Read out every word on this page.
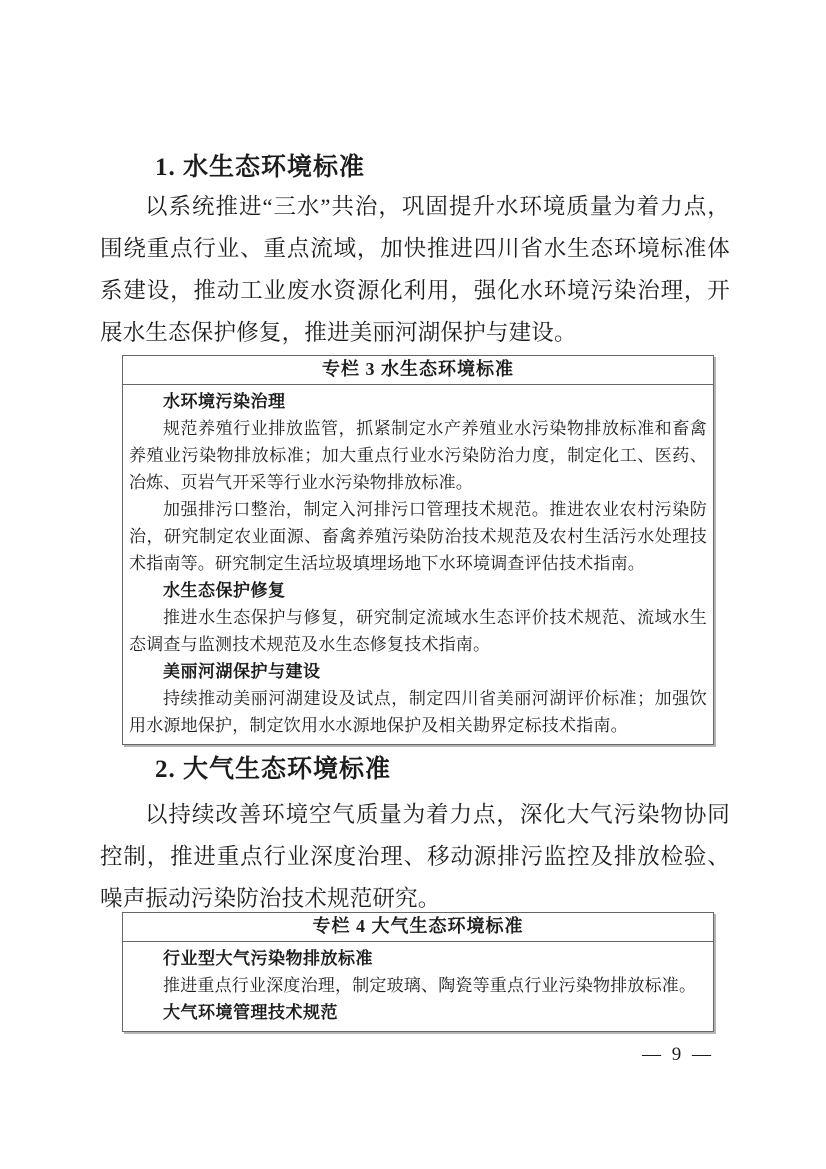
1. 水生态环境标准

以系统推进“三水”共治，巩固提升水环境质量为着力点，围绕重点行业、重点流域，加快推进四川省水生态环境标准体系建设，推动工业废水资源化利用，强化水环境污染治理，开展水生态保护修复，推进美丽河湖保护与建设。

专栏 3 水生态环境标准

水环境污染治理

规范养殖行业排放监管，抓紧制定水产养殖业水污染物排放标准和畜禽养殖业污染物排放标准；加大重点行业水污染防治力度，制定化工、医药、冶炼、页岩气开采等行业水污染物排放标准。

加强排污口整治，制定入河排污口管理技术规范。推进农业农村污染防治，研究制定农业面源、畜禽养殖污染防治技术规范及农村生活污水处理技术指南等。研究制定生活垃圾填埋场地下水环境调查评估技术指南。

水生态保护修复

推进水生态保护与修复，研究制定流域水生态评价技术规范、流域水生态调查与监测技术规范及水生态修复技术指南。

美丽河湖保护与建设

持续推动美丽河湖建设及试点，制定四川省美丽河湖评价标准；加强饮用水源地保护，制定饮用水水源地保护及相关勘界定标技术指南。

2. 大气生态环境标准

以持续改善环境空气质量为着力点，深化大气污染物协同控制，推进重点行业深度治理、移动源排污监控及排放检验、噪声振动污染防治技术规范研究。

专栏 4 大气生态环境标准

行业型大气污染物排放标准

推进重点行业深度治理，制定玻璃、陶瓷等重点行业污染物排放标准。

大气环境管理技术规范

— 9 —
